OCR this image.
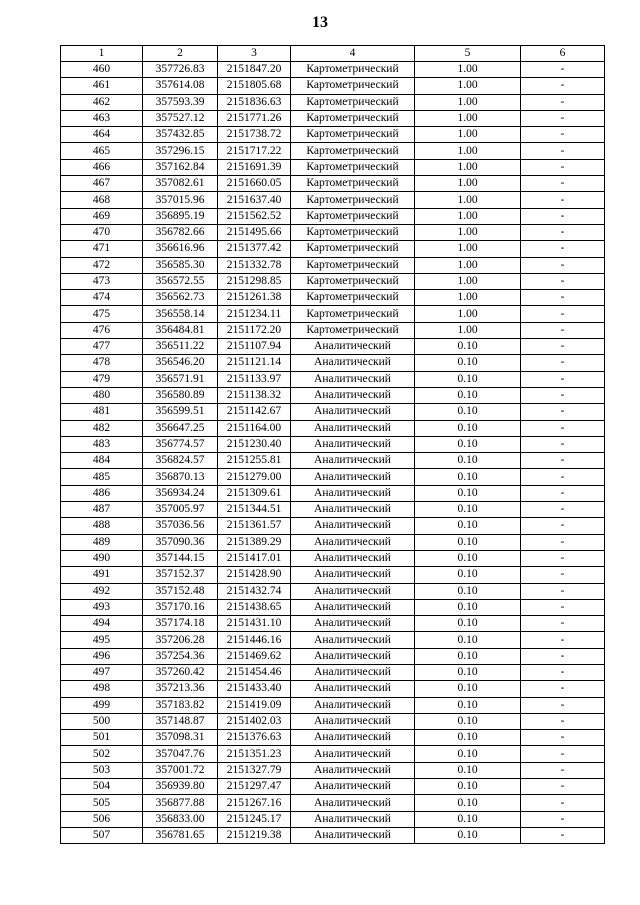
13
1	2	3	4	5	6
460	357726.83	2151847.20	Картометрический	1.00	-
461	357614.08	2151805.68	Картометрический	1.00	-
462	357593.39	2151836.63	Картометрический	1.00	-
463	357527.12	2151771.26	Картометрический	1.00	-
464	357432.85	2151738.72	Картометрический	1.00	-
465	357296.15	2151717.22	Картометрический	1.00	-
466	357162.84	2151691.39	Картометрический	1.00	-
467	357082.61	2151660.05	Картометрический	1.00	-
468	357015.96	2151637.40	Картометрический	1.00	-
469	356895.19	2151562.52	Картометрический	1.00	-
470	356782.66	2151495.66	Картометрический	1.00	-
471	356616.96	2151377.42	Картометрический	1.00	-
472	356585.30	2151332.78	Картометрический	1.00	-
473	356572.55	2151298.85	Картометрический	1.00	-
474	356562.73	2151261.38	Картометрический	1.00	-
475	356558.14	2151234.11	Картометрический	1.00	-
476	356484.81	2151172.20	Картометрический	1.00	-
477	356511.22	2151107.94	Аналитический	0.10	-
478	356546.20	2151121.14	Аналитический	0.10	-
479	356571.91	2151133.97	Аналитический	0.10	-
480	356580.89	2151138.32	Аналитический	0.10	-
481	356599.51	2151142.67	Аналитический	0.10	-
482	356647.25	2151164.00	Аналитический	0.10	-
483	356774.57	2151230.40	Аналитический	0.10	-
484	356824.57	2151255.81	Аналитический	0.10	-
485	356870.13	2151279.00	Аналитический	0.10	-
486	356934.24	2151309.61	Аналитический	0.10	-
487	357005.97	2151344.51	Аналитический	0.10	-
488	357036.56	2151361.57	Аналитический	0.10	-
489	357090.36	2151389.29	Аналитический	0.10	-
490	357144.15	2151417.01	Аналитический	0.10	-
491	357152.37	2151428.90	Аналитический	0.10	-
492	357152.48	2151432.74	Аналитический	0.10	-
493	357170.16	2151438.65	Аналитический	0.10	-
494	357174.18	2151431.10	Аналитический	0.10	-
495	357206.28	2151446.16	Аналитический	0.10	-
496	357254.36	2151469.62	Аналитический	0.10	-
497	357260.42	2151454.46	Аналитический	0.10	-
498	357213.36	2151433.40	Аналитический	0.10	-
499	357183.82	2151419.09	Аналитический	0.10	-
500	357148.87	2151402.03	Аналитический	0.10	-
501	357098.31	2151376.63	Аналитический	0.10	-
502	357047.76	2151351.23	Аналитический	0.10	-
503	357001.72	2151327.79	Аналитический	0.10	-
504	356939.80	2151297.47	Аналитический	0.10	-
505	356877.88	2151267.16	Аналитический	0.10	-
506	356833.00	2151245.17	Аналитический	0.10	-
507	356781.65	2151219.38	Аналитический	0.10	-
